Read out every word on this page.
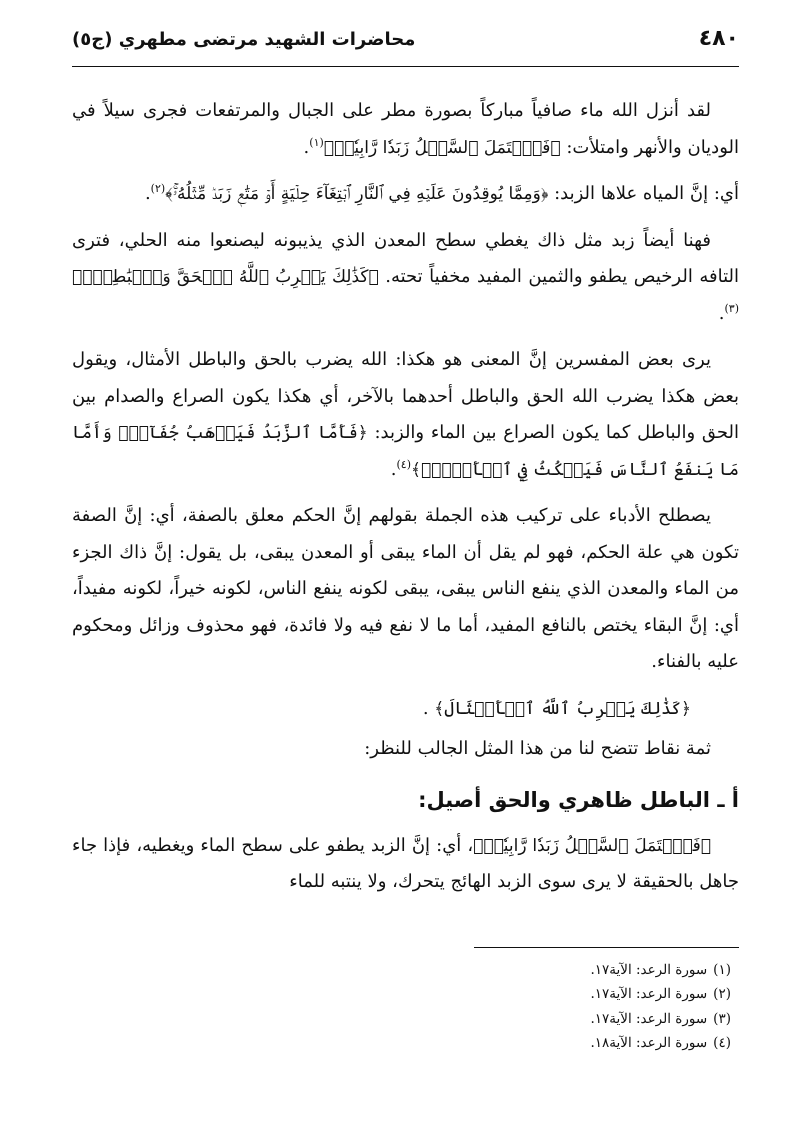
٤٨٠
محاضرات الشهيد مرتضى مطهري (ج٥)

لقد أنزل الله ماء صافياً مباركاً بصورة مطر على الجبال والمرتفعات فجرى سيلاً في الوديان والأنهر وامتلأت: ﴿فَٱحۡتَمَلَ ٱلسَّيۡلُ زَبَدٗا رَّابِيٗاۚ﴾$^{(١)}$.

أي: إنَّ المياه علاها الزبد: ﴿وَمِمَّا يُوقِدُونَ عَلَيۡهِ فِي ٱلنَّارِ ٱبۡتِغَآءَ حِلۡيَةٍ أَوۡ مَتَٰعٖ زَبَدٞ مِّثۡلُهُۥۚ﴾$^{(٢)}$.

فهنا أيضاً زبد مثل ذاك يغطي سطح المعدن الذي يذيبونه ليصنعوا منه الحلي، فترى التافه الرخيص يطفو والثمين المفيد مخفياً تحته. ﴿كَذَٰلِكَ يَضۡرِبُ ٱللَّهُ ٱلۡحَقَّ وَٱلۡبَٰطِلَۚ﴾$^{(٣)}$.

يرى بعض المفسرين إنَّ المعنى هو هكذا: الله يضرب بالحق والباطل الأمثال، ويقول بعض هكذا يضرب الله الحق والباطل أحدهما بالآخر، أي هكذا يكون الصراع والصدام بين الحق والباطل كما يكون الصراع بين الماء والزبد: ﴿فَأَمَّا ٱلزَّبَدُ فَيَذۡهَبُ جُفَآءٗۖ وَأَمَّا مَا يَنفَعُ ٱلنَّاسَ فَيَمۡكُثُ فِي ٱلۡأَرۡضِۚ﴾$^{(٤)}$.

يصطلح الأدباء على تركيب هذه الجملة بقولهم إنَّ الحكم معلق بالصفة، أي: إنَّ الصفة تكون هي علة الحكم، فهو لم يقل أن الماء يبقى أو المعدن يبقى، بل يقول: إنَّ ذاك الجزء من الماء والمعدن الذي ينفع الناس يبقى، يبقى لكونه ينفع الناس، لكونه خيراً، لكونه مفيداً، أي: إنَّ البقاء يختص بالنافع المفيد، أما ما لا نفع فيه ولا فائدة، فهو محذوف وزائل ومحكوم عليه بالفناء.

﴿كَذَٰلِكَ يَضۡرِبُ ٱللَّهُ ٱلۡأَمۡثَالَ﴾ .

ثمة نقاط تتضح لنا من هذا المثل الجالب للنظر:

أ ـ الباطل ظاهري والحق أصيل:

﴿فَٱحۡتَمَلَ ٱلسَّيۡلُ زَبَدٗا رَّابِيٗاۚ﴾، أي: إنَّ الزبد يطفو على سطح الماء ويغطيه، فإذا جاء جاهل بالحقيقة لا يرى سوى الزبد الهائج يتحرك، ولا ينتبه للماء

(١)سورة الرعد: الآية١٧.
(٢)سورة الرعد: الآية١٧.
(٣)سورة الرعد: الآية١٧.
(٤)سورة الرعد: الآية١٨.
